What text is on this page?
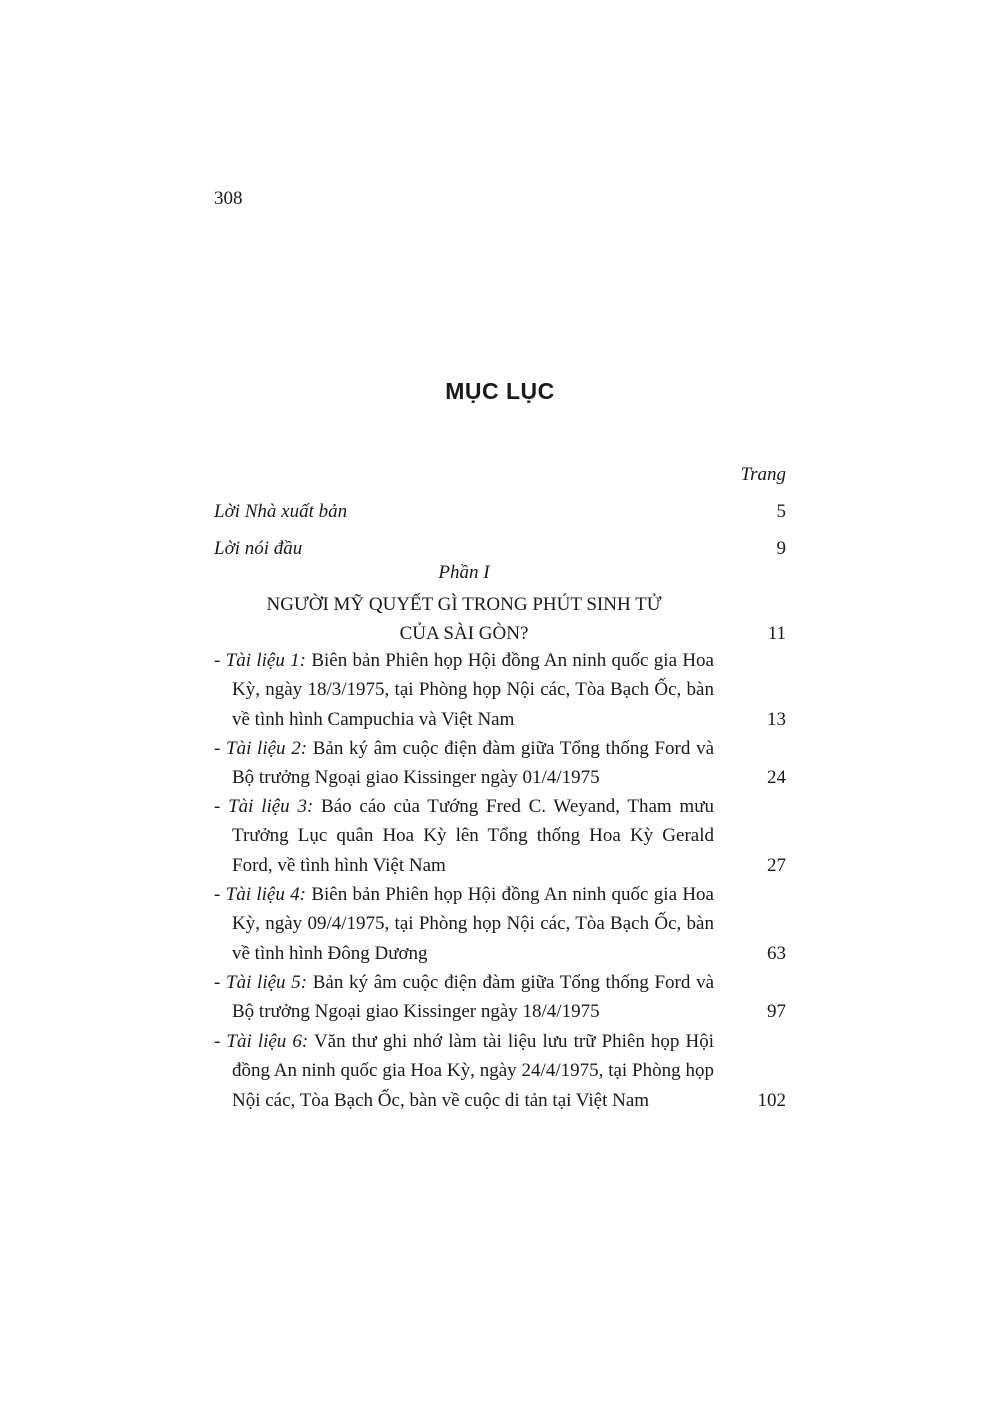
308
MỤC LỤC
Trang
Lời Nhà xuất bản	5
Lời nói đầu	9
Phần I
NGƯỜI MỸ QUYẾT GÌ TRONG PHÚT SINH TỬ
CỦA SÀI GÒN?	11
- Tài liệu 1: Biên bản Phiên họp Hội đồng An ninh quốc gia Hoa Kỳ, ngày 18/3/1975, tại Phòng họp Nội các, Tòa Bạch Ốc, bàn về tình hình Campuchia và Việt Nam	13
- Tài liệu 2: Bản ký âm cuộc điện đàm giữa Tổng thống Ford và Bộ trưởng Ngoại giao Kissinger ngày 01/4/1975	24
- Tài liệu 3: Báo cáo của Tướng Fred C. Weyand, Tham mưu Trưởng Lục quân Hoa Kỳ lên Tổng thống Hoa Kỳ Gerald Ford, về tình hình Việt Nam	27
- Tài liệu 4: Biên bản Phiên họp Hội đồng An ninh quốc gia Hoa Kỳ, ngày 09/4/1975, tại Phòng họp Nội các, Tòa Bạch Ốc, bàn về tình hình Đông Dương	63
- Tài liệu 5: Bản ký âm cuộc điện đàm giữa Tổng thống Ford và Bộ trưởng Ngoại giao Kissinger ngày 18/4/1975	97
- Tài liệu 6: Văn thư ghi nhớ làm tài liệu lưu trữ Phiên họp Hội đồng An ninh quốc gia Hoa Kỳ, ngày 24/4/1975, tại Phòng họp Nội các, Tòa Bạch Ốc, bàn về cuộc di tản tại Việt Nam	102
